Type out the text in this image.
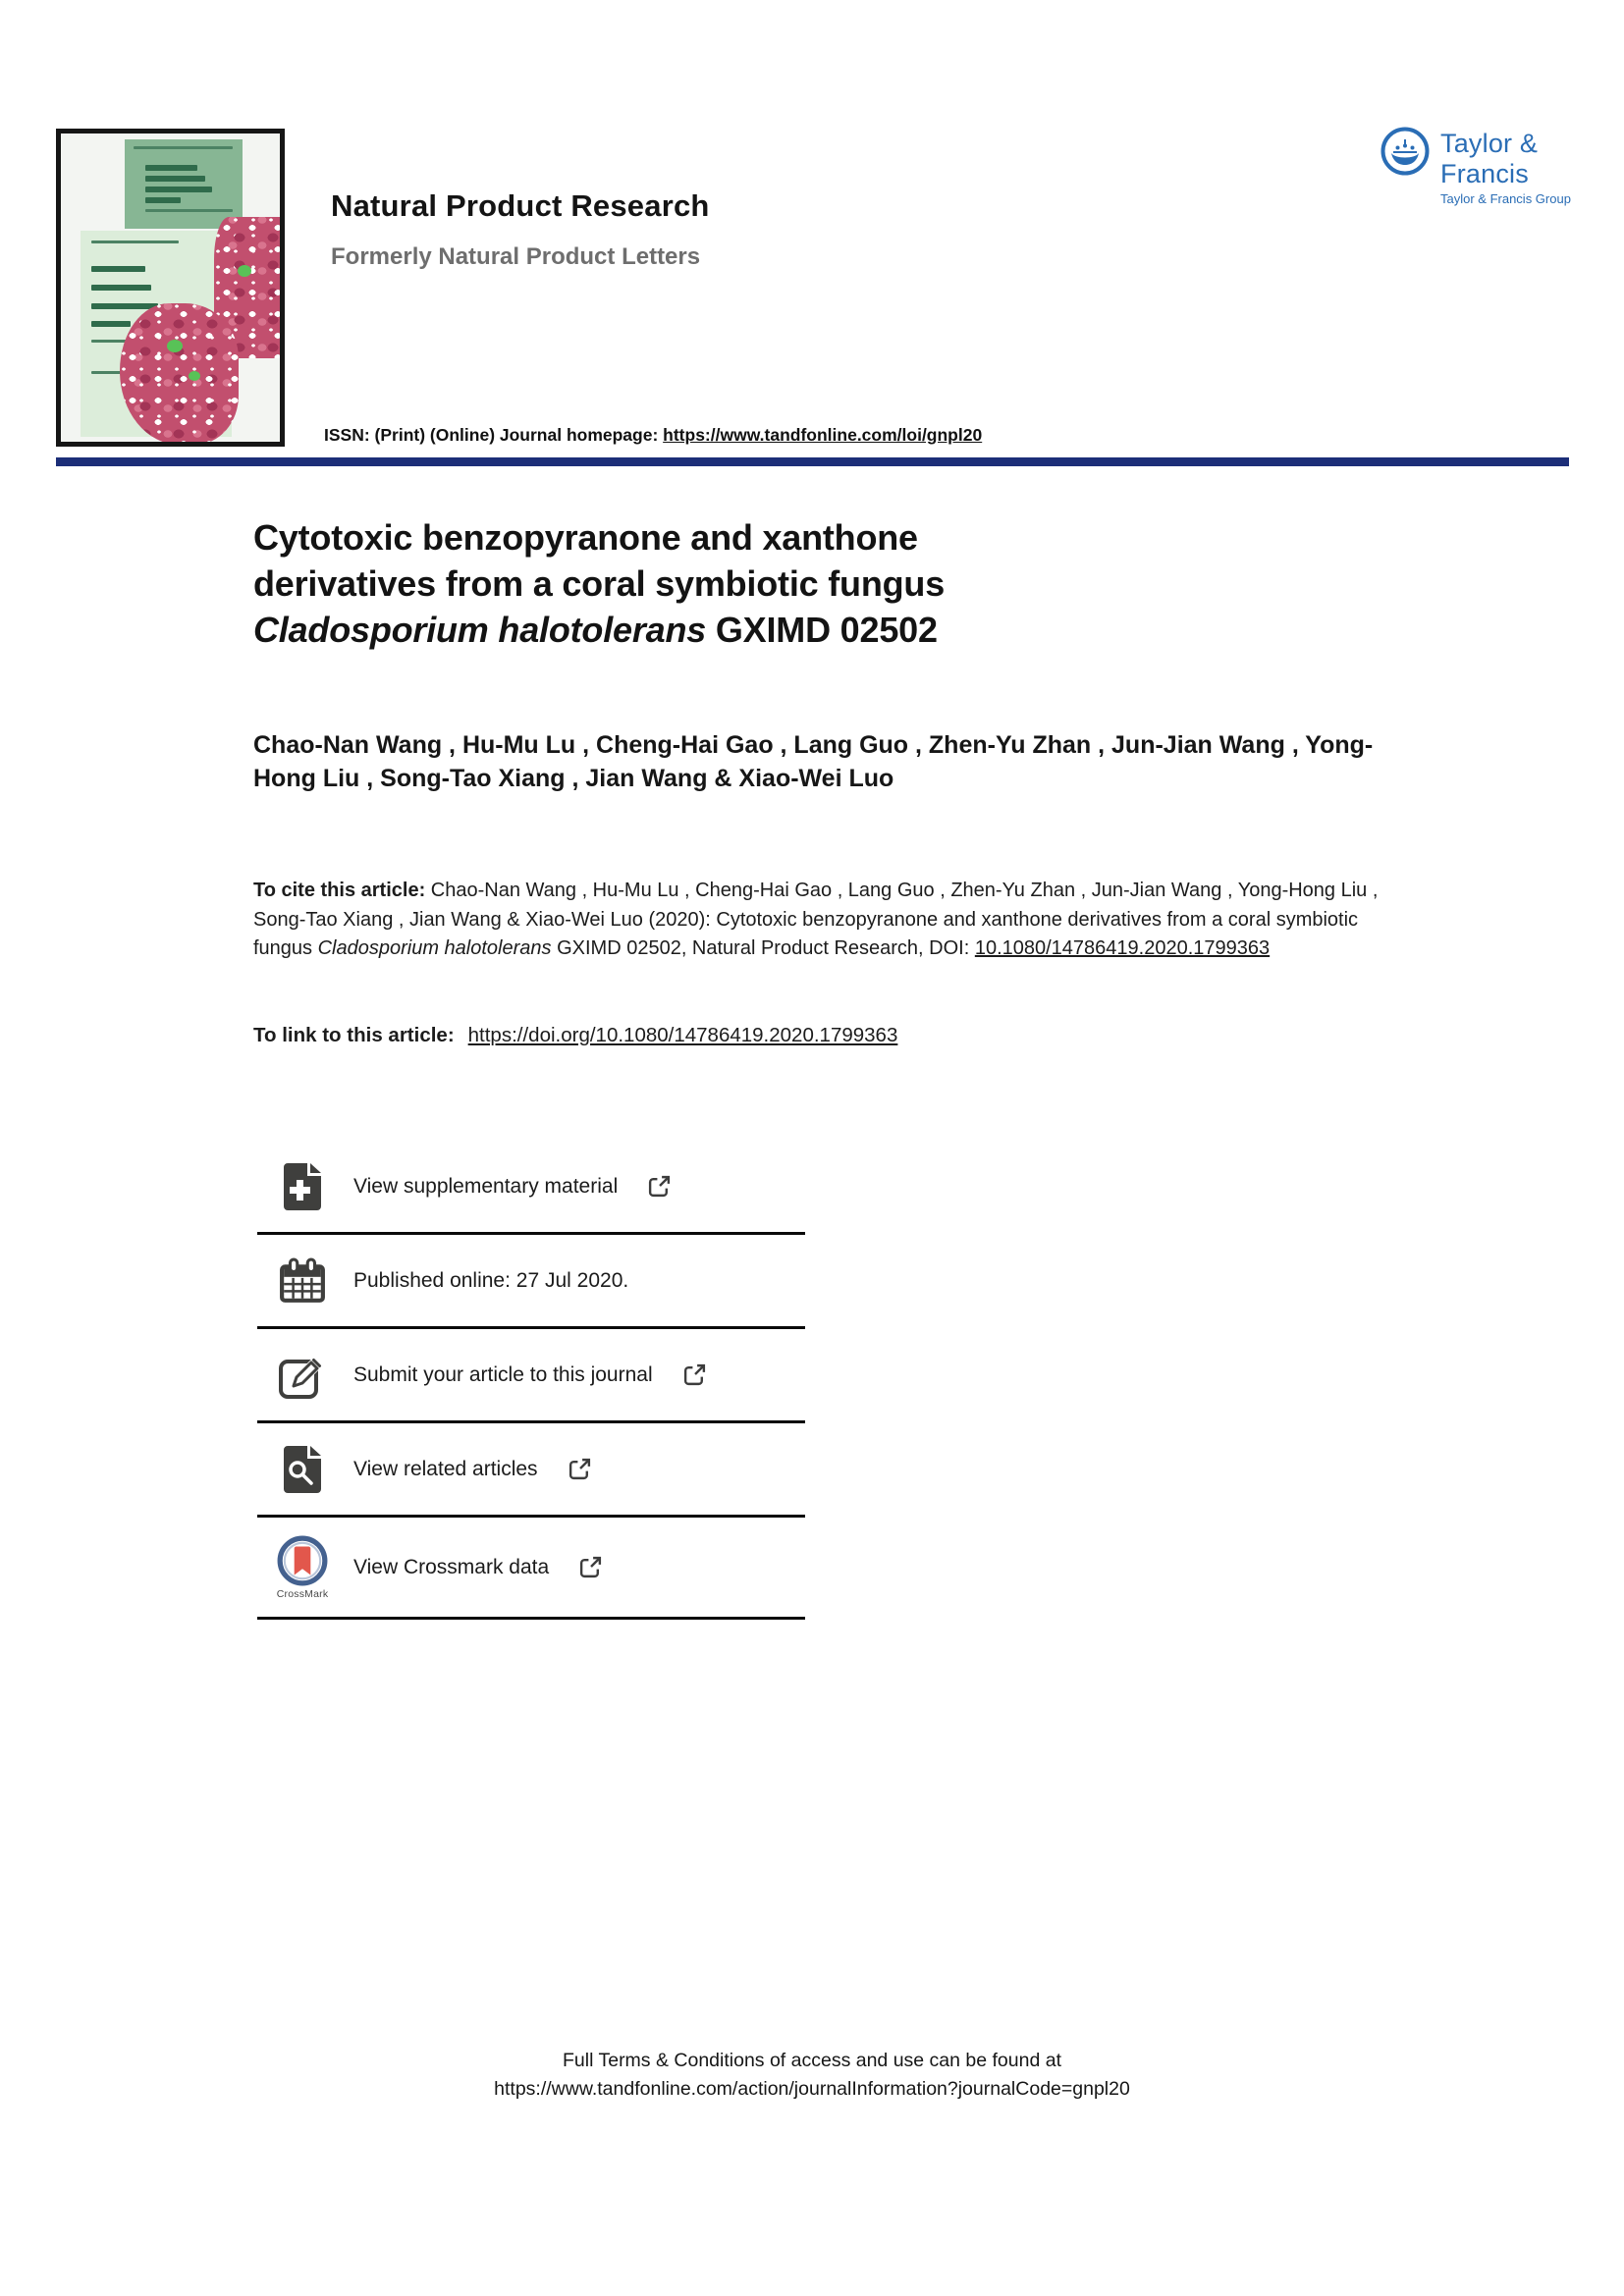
Taylor & Francis
Taylor & Francis Group
Natural Product Research
Formerly Natural Product Letters
ISSN: (Print) (Online) Journal homepage: https://www.tandfonline.com/loi/gnpl20
Cytotoxic benzopyranone and xanthone
derivatives from a coral symbiotic fungus
Cladosporium halotolerans GXIMD 02502
Chao-Nan Wang , Hu-Mu Lu , Cheng-Hai Gao , Lang Guo , Zhen-Yu Zhan , Jun-Jian Wang , Yong-Hong Liu , Song-Tao Xiang , Jian Wang & Xiao-Wei Luo

To cite this article: Chao-Nan Wang , Hu-Mu Lu , Cheng-Hai Gao , Lang Guo , Zhen-Yu Zhan , Jun-Jian Wang , Yong-Hong Liu , Song-Tao Xiang , Jian Wang & Xiao-Wei Luo (2020): Cytotoxic benzopyranone and xanthone derivatives from a coral symbiotic fungus Cladosporium halotolerans GXIMD 02502, Natural Product Research, DOI: 10.1080/14786419.2020.1799363

To link to this article: https://doi.org/10.1080/14786419.2020.1799363

View supplementary material
Published online: 27 Jul 2020.
Submit your article to this journal
View related articles
CrossMark
View Crossmark data
Full Terms & Conditions of access and use can be found at
https://www.tandfonline.com/action/journalInformation?journalCode=gnpl20
